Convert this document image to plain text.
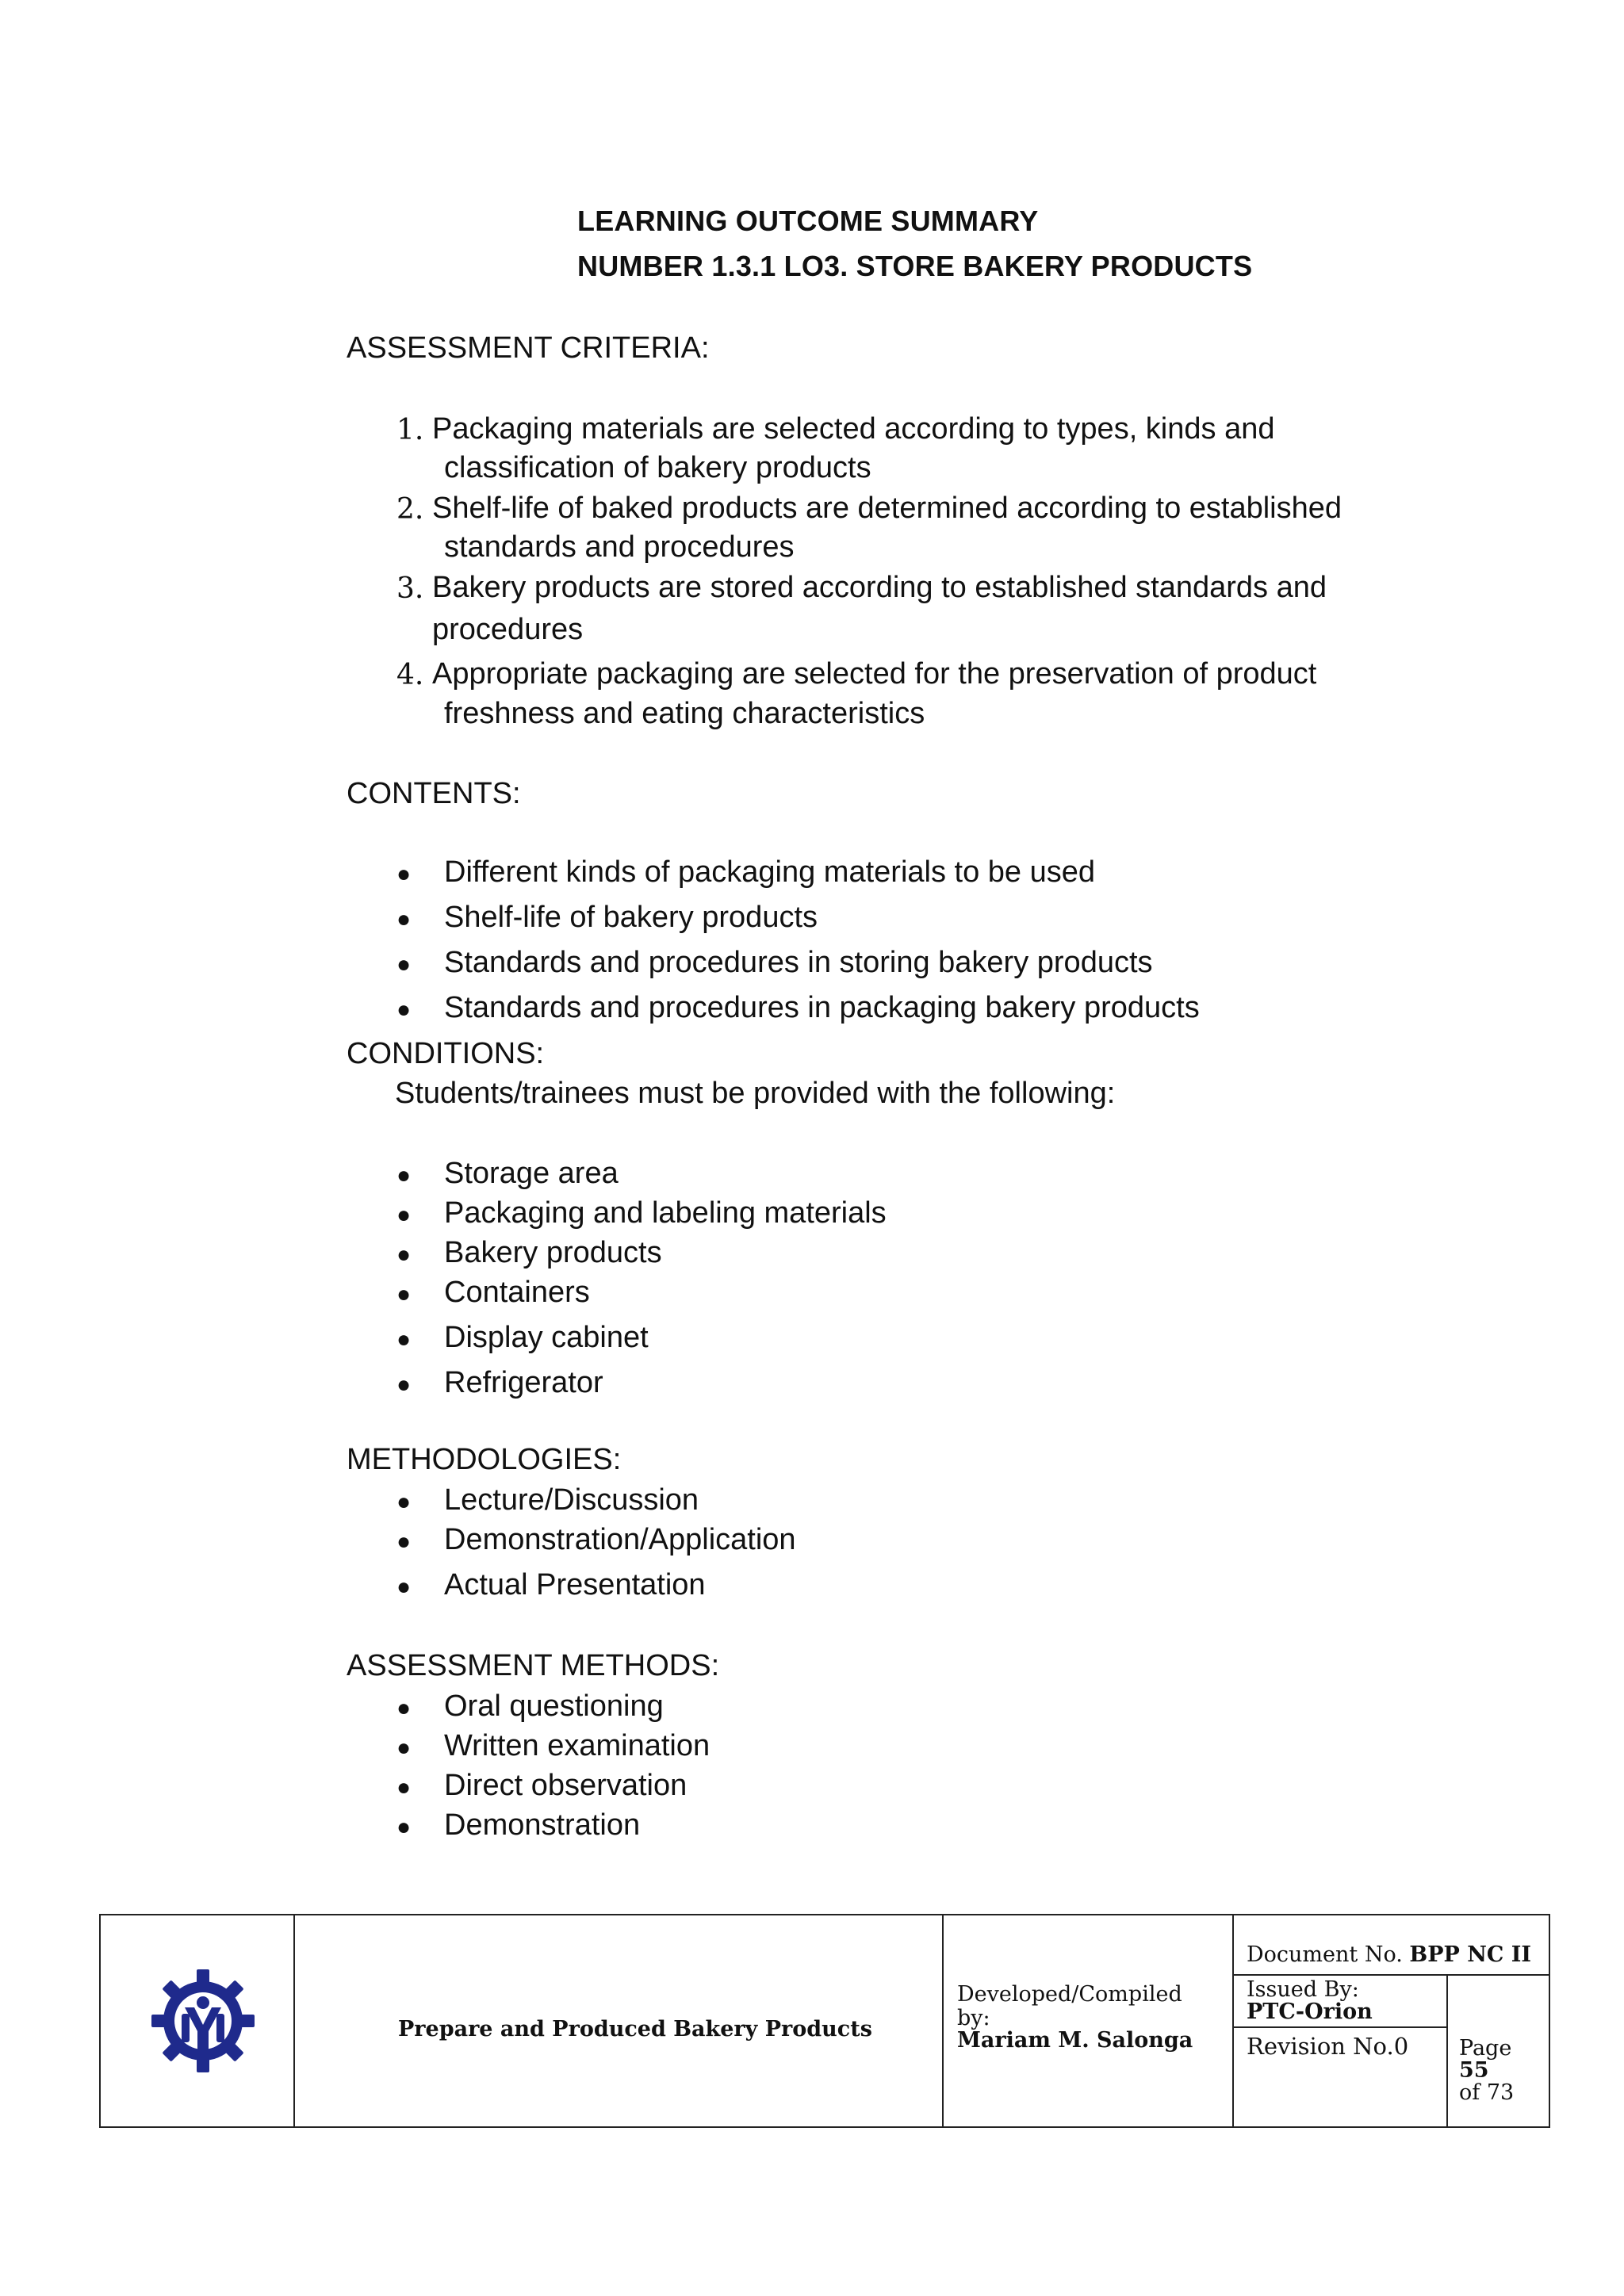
LEARNING OUTCOME SUMMARY
NUMBER 1.3.1 LO3. STORE BAKERY PRODUCTS
ASSESSMENT CRITERIA:
1. Packaging materials are selected according to types, kinds and
classification of bakery products
2. Shelf-life of baked products are determined according to established
standards and procedures
3. Bakery products are stored according to established standards and
procedures
4. Appropriate packaging are selected for the preservation of product
freshness and eating characteristics
CONTENTS:
● Different kinds of packaging materials to be used
● Shelf-life of bakery products
● Standards and procedures in storing bakery products
● Standards and procedures in packaging bakery products
CONDITIONS:
Students/trainees must be provided with the following:
● Storage area
● Packaging and labeling materials
● Bakery products
● Containers
● Display cabinet
● Refrigerator
METHODOLOGIES:
● Lecture/Discussion
● Demonstration/Application
● Actual Presentation
ASSESSMENT METHODS:
● Oral questioning
● Written examination
● Direct observation
● Demonstration
Prepare and Produced Bakery Products
Developed/Compiled
by:
Mariam M. Salonga
Document No. BPP NC II
Issued By:
PTC-Orion
Revision No.0 Page
55
of 73
